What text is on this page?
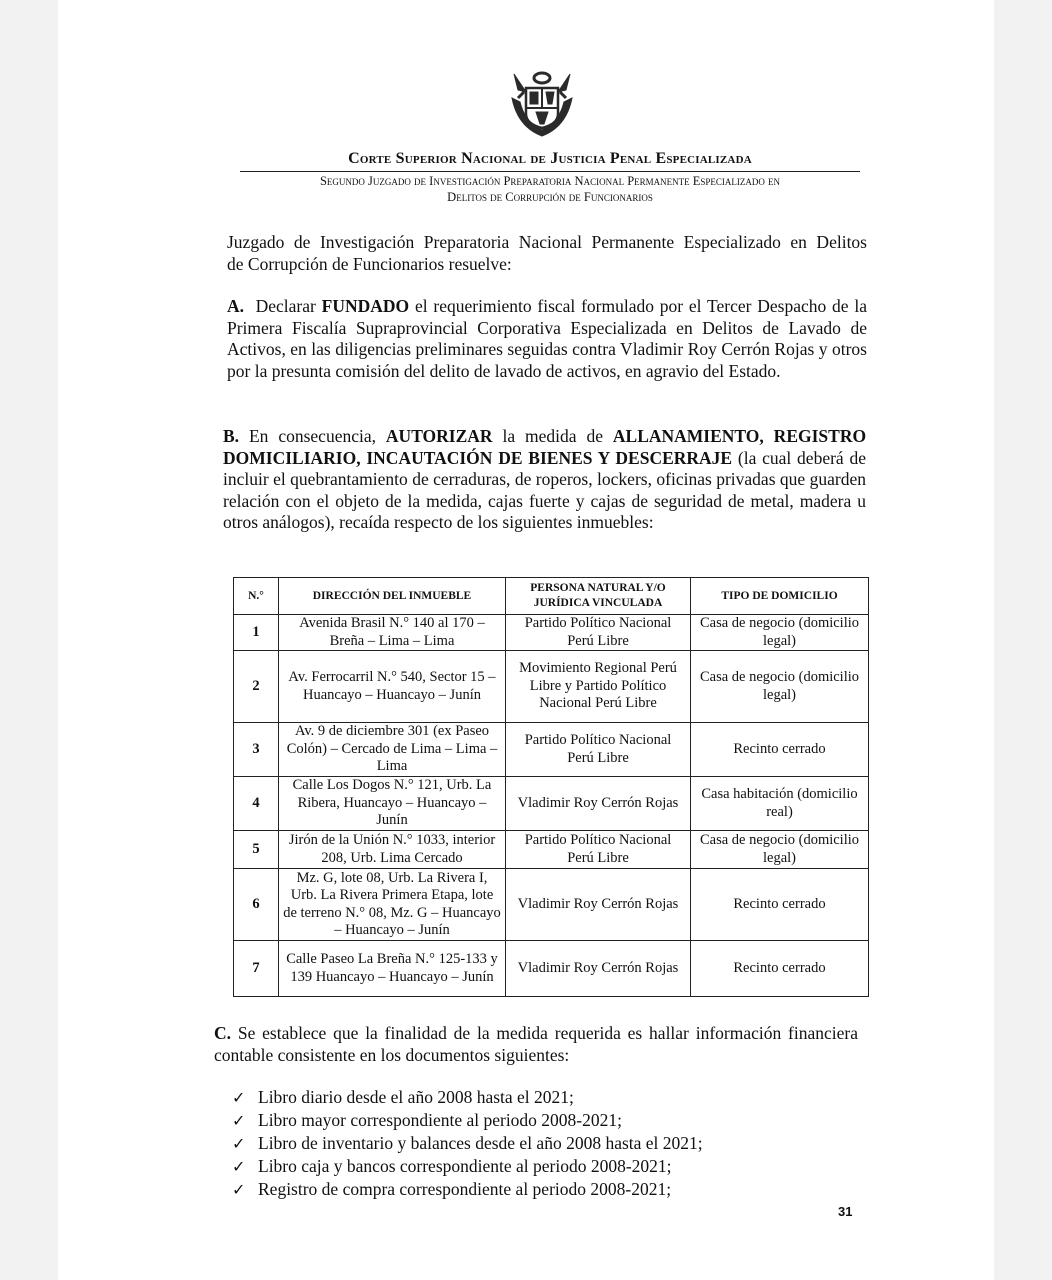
Corte Superior Nacional de Justicia Penal Especializada
Segundo Juzgado de Investigación Preparatoria Nacional Permanente Especializado en
Delitos de Corrupción de Funcionarios
Juzgado de Investigación Preparatoria Nacional Permanente Especializado en Delitos
de Corrupción de Funcionarios resuelve:
A. Declarar FUNDADO el requerimiento fiscal formulado por el Tercer Despacho de la Primera Fiscalía Supraprovincial Corporativa Especializada en Delitos de Lavado de Activos, en las diligencias preliminares seguidas contra Vladimir Roy Cerrón Rojas y otros por la presunta comisión del delito de lavado de activos, en agravio del Estado.
B. En consecuencia, AUTORIZAR la medida de ALLANAMIENTO, REGISTRO DOMICILIARIO, INCAUTACIÓN DE BIENES Y DESCERRAJE (la cual deberá de incluir el quebrantamiento de cerraduras, de roperos, lockers, oficinas privadas que guarden relación con el objeto de la medida, cajas fuerte y cajas de seguridad de metal, madera u otros análogos), recaída respecto de los siguientes inmuebles:
N.°	DIRECCIÓN DEL INMUEBLE	PERSONA NATURAL Y/O JURÍDICA VINCULADA	TIPO DE DOMICILIO
1	Avenida Brasil N.° 140 al 170 – Breña – Lima – Lima	Partido Político Nacional Perú Libre	Casa de negocio (domicilio legal)
2	Av. Ferrocarril N.° 540, Sector 15 – Huancayo – Huancayo – Junín	Movimiento Regional Perú Libre y Partido Político Nacional Perú Libre	Casa de negocio (domicilio legal)
3	Av. 9 de diciembre 301 (ex Paseo Colón) – Cercado de Lima – Lima – Lima	Partido Político Nacional Perú Libre	Recinto cerrado
4	Calle Los Dogos N.° 121, Urb. La Ribera, Huancayo – Huancayo – Junín	Vladimir Roy Cerrón Rojas	Casa habitación (domicilio real)
5	Jirón de la Unión N.° 1033, interior 208, Urb. Lima Cercado	Partido Político Nacional Perú Libre	Casa de negocio (domicilio legal)
6	Mz. G, lote 08, Urb. La Rivera I, Urb. La Rivera Primera Etapa, lote de terreno N.° 08, Mz. G – Huancayo – Huancayo – Junín	Vladimir Roy Cerrón Rojas	Recinto cerrado
7	Calle Paseo La Breña N.° 125-133 y 139 Huancayo – Huancayo – Junín	Vladimir Roy Cerrón Rojas	Recinto cerrado
C. Se establece que la finalidad de la medida requerida es hallar información financiera contable consistente en los documentos siguientes:
✓ Libro diario desde el año 2008 hasta el 2021;
✓ Libro mayor correspondiente al periodo 2008-2021;
✓ Libro de inventario y balances desde el año 2008 hasta el 2021;
✓ Libro caja y bancos correspondiente al periodo 2008-2021;
✓ Registro de compra correspondiente al periodo 2008-2021;
31
